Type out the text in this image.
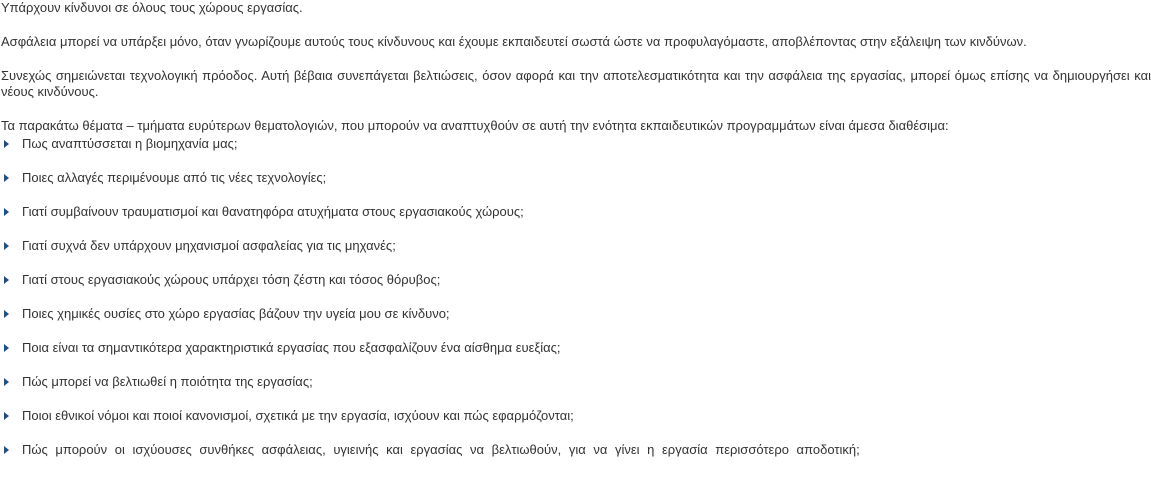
Υπάρχουν κίνδυνοι σε όλους τους χώρους εργασίας.

Ασφάλεια μπορεί να υπάρξει μόνο, όταν γνωρίζουμε αυτούς τους κίνδυνους και έχουμε εκπαιδευτεί σωστά ώστε να προφυλαγόμαστε, αποβλέποντας στην εξάλειψη των κινδύνων.

Συνεχώς σημειώνεται τεχνολογική πρόοδος. Αυτή βέβαια συνεπάγεται βελτιώσεις, όσον αφορά και την αποτελεσματικότητα και την ασφάλεια της εργασίας, μπορεί όμως επίσης να δημιουργήσει και νέους κινδύνους.

Τα παρακάτω θέματα – τμήματα ευρύτερων θεματολογιών, που μπορούν να αναπτυχθούν σε αυτή την ενότητα εκπαιδευτικών προγραμμάτων είναι άμεσα διαθέσιμα:

Πως αναπτύσσεται η βιομηχανία μας;
Ποιες αλλαγές περιμένουμε από τις νέες τεχνολογίες;
Γιατί συμβαίνουν τραυματισμοί και θανατηφόρα ατυχήματα στους εργασιακούς χώρους;
Γιατί συχνά δεν υπάρχουν μηχανισμοί ασφαλείας για τις μηχανές;
Γιατί στους εργασιακούς χώρους υπάρχει τόση ζέστη και τόσος θόρυβος;
Ποιες χημικές ουσίες στο χώρο εργασίας βάζουν την υγεία μου σε κίνδυνο;
Ποια είναι τα σημαντικότερα χαρακτηριστικά εργασίας που εξασφαλίζουν ένα αίσθημα ευεξίας;
Πώς μπορεί να βελτιωθεί η ποιότητα της εργασίας;
Ποιοι εθνικοί νόμοι και ποιοί κανονισμοί, σχετικά με την εργασία, ισχύουν και πώς εφαρμόζονται;
Πώς μπορούν οι ισχύουσες συνθήκες ασφάλειας, υγιεινής και εργασίας να βελτιωθούν, για να γίνει η εργασία περισσότερο αποδοτική;
